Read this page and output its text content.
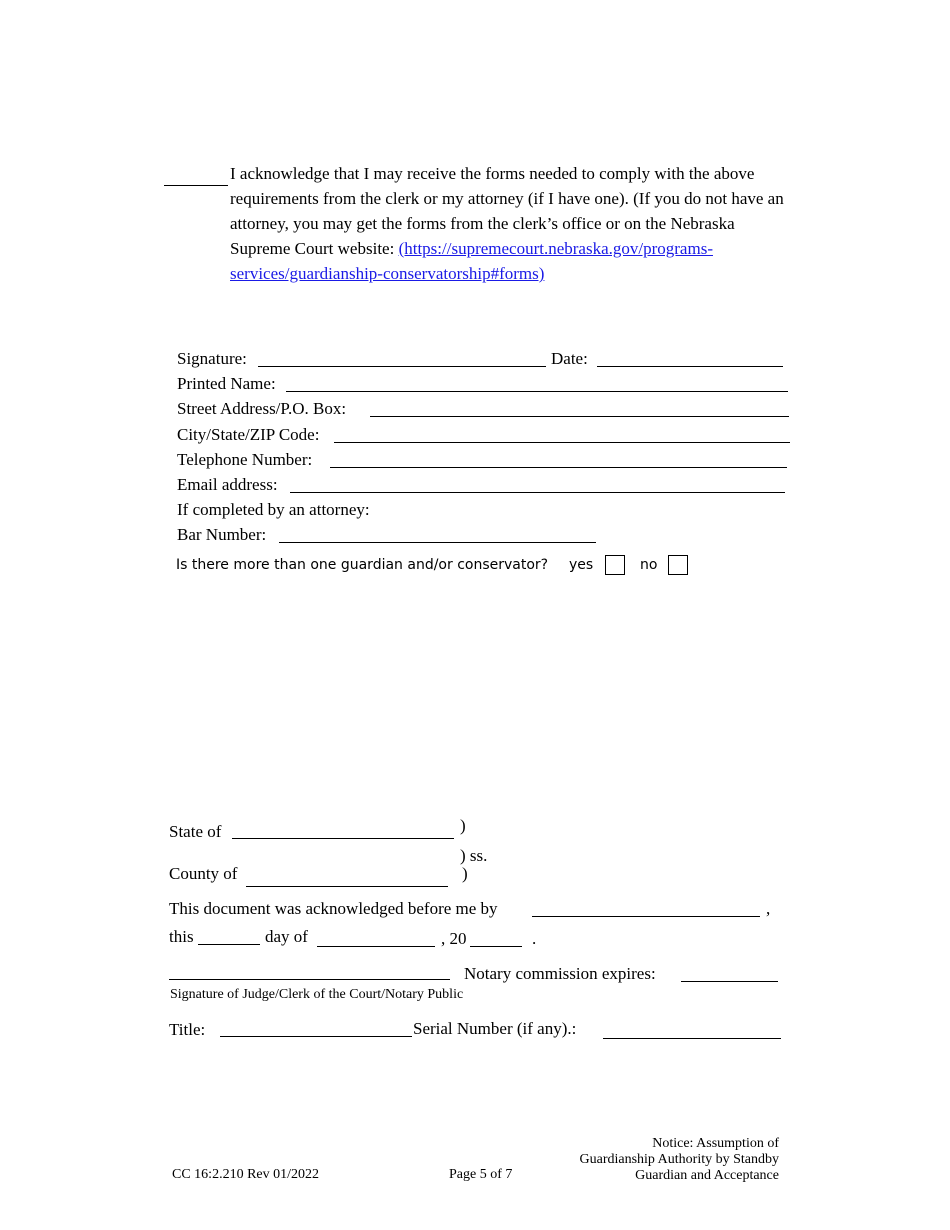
I acknowledge that I may receive the forms needed to comply with the above requirements from the clerk or my attorney (if I have one). (If you do not have an attorney, you may get the forms from the clerk’s office or on the Nebraska Supreme Court website: (https://supremecourt.nebraska.gov/programs-services/guardianship-conservatorship#forms)
Signature:	Date:
Printed Name:
Street Address/P.O. Box:
City/State/ZIP Code:
Telephone Number:
Email address:
If completed by an attorney:
Bar Number:
Is there more than one guardian and/or conservator? yes	no
)
State of
) ss.
County of	)
This document was acknowledged before me by	,
this	day of	, 20	.
Notary commission expires:
Signature of Judge/Clerk of the Court/Notary Public
Title:	Serial Number (if any).:
CC 16:2.210 Rev 01/2022	Page 5 of 7
Notice: Assumption of
Guardianship Authority by Standby
Guardian and Acceptance
